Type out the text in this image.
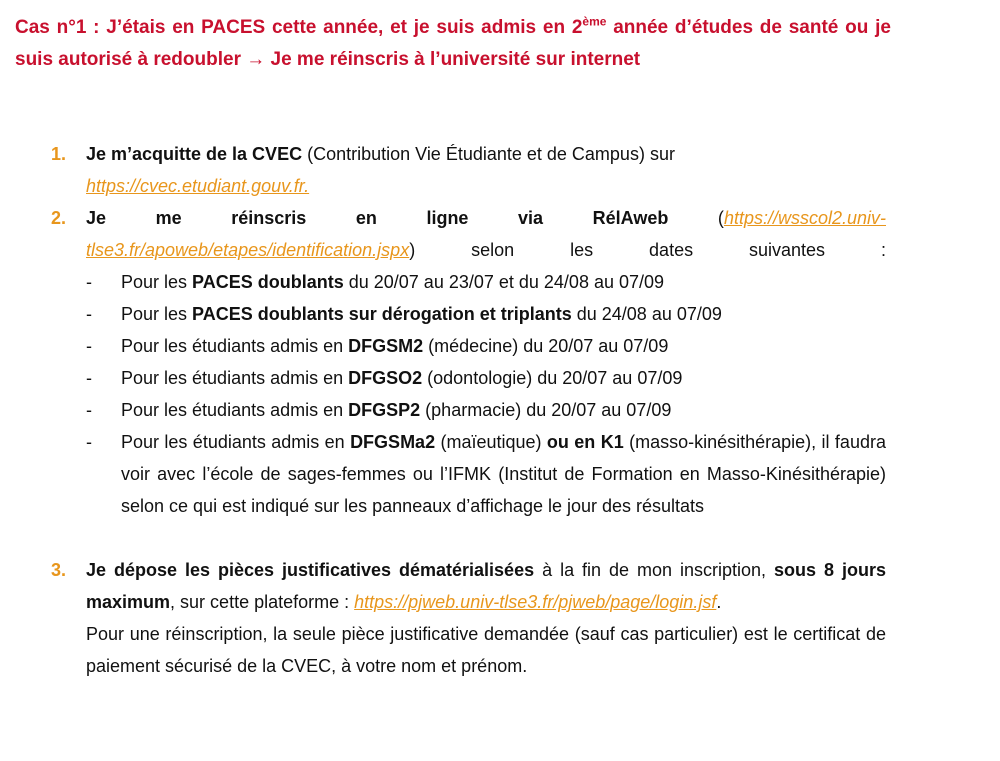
Cas n°1 : J’étais en PACES cette année, et je suis admis en 2ème année d’études de santé ou je suis autorisé à redoubler → Je me réinscris à l’université sur internet
1. Je m’acquitte de la CVEC (Contribution Vie Étudiante et de Campus) sur
https://cvec.etudiant.gouv.fr.
2. Je me réinscris en ligne via RélAweb (https://wsscol2.univ-tlse3.fr/apoweb/etapes/identification.jspx) selon les dates suivantes :
- Pour les PACES doublants du 20/07 au 23/07 et du 24/08 au 07/09
- Pour les PACES doublants sur dérogation et triplants du 24/08 au 07/09
- Pour les étudiants admis en DFGSM2 (médecine) du 20/07 au 07/09
- Pour les étudiants admis en DFGSO2 (odontologie) du 20/07 au 07/09
- Pour les étudiants admis en DFGSP2 (pharmacie) du 20/07 au 07/09
- Pour les étudiants admis en DFGSMa2 (maïeutique) ou en K1 (masso-kinésithérapie), il faudra voir avec l’école de sages-femmes ou l’IFMK (Institut de Formation en Masso-Kinésithérapie) selon ce qui est indiqué sur les panneaux d’affichage le jour des résultats
3. Je dépose les pièces justificatives dématérialisées à la fin de mon inscription, sous 8 jours maximum, sur cette plateforme : https://pjweb.univ-tlse3.fr/pjweb/page/login.jsf.
Pour une réinscription, la seule pièce justificative demandée (sauf cas particulier) est le certificat de paiement sécurisé de la CVEC, à votre nom et prénom.
